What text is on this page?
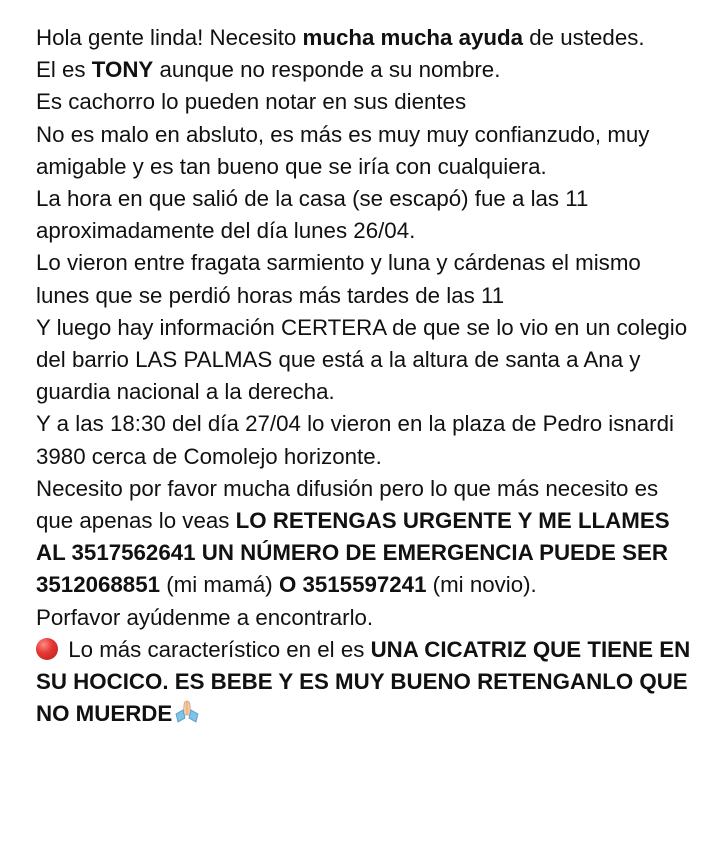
Hola gente linda! Necesito mucha mucha ayuda de ustedes.
El es TONY aunque no responde a su nombre.
Es cachorro lo pueden notar en sus dientes
No es malo en absluto, es más es muy muy confianzudo, muy amigable y es tan bueno que se iría con cualquiera.
La hora en que salió de la casa (se escapó) fue a las 11 aproximadamente del día lunes 26/04.
Lo vieron entre fragata sarmiento y luna y cárdenas el mismo lunes que se perdió horas más tardes de las 11
Y luego hay información CERTERA de que se lo vio en un colegio del barrio LAS PALMAS que está a la altura de santa a Ana y guardia nacional a la derecha.
Y a las 18:30 del día 27/04 lo vieron en la plaza de Pedro isnardi 3980 cerca de Comolejo horizonte.
Necesito por favor mucha difusión pero lo que más necesito es que apenas lo veas LO RETENGAS URGENTE Y ME LLAMES AL 3517562641 UN NÚMERO DE EMERGENCIA PUEDE SER 3512068851 (mi mamá) O 3515597241 (mi novio).
Porfavor ayúdenme a encontrarlo.
Lo más característico en el es UNA CICATRIZ QUE TIENE EN SU HOCICO. ES BEBE Y ES MUY BUENO RETENGANLO QUE NO MUERDE
